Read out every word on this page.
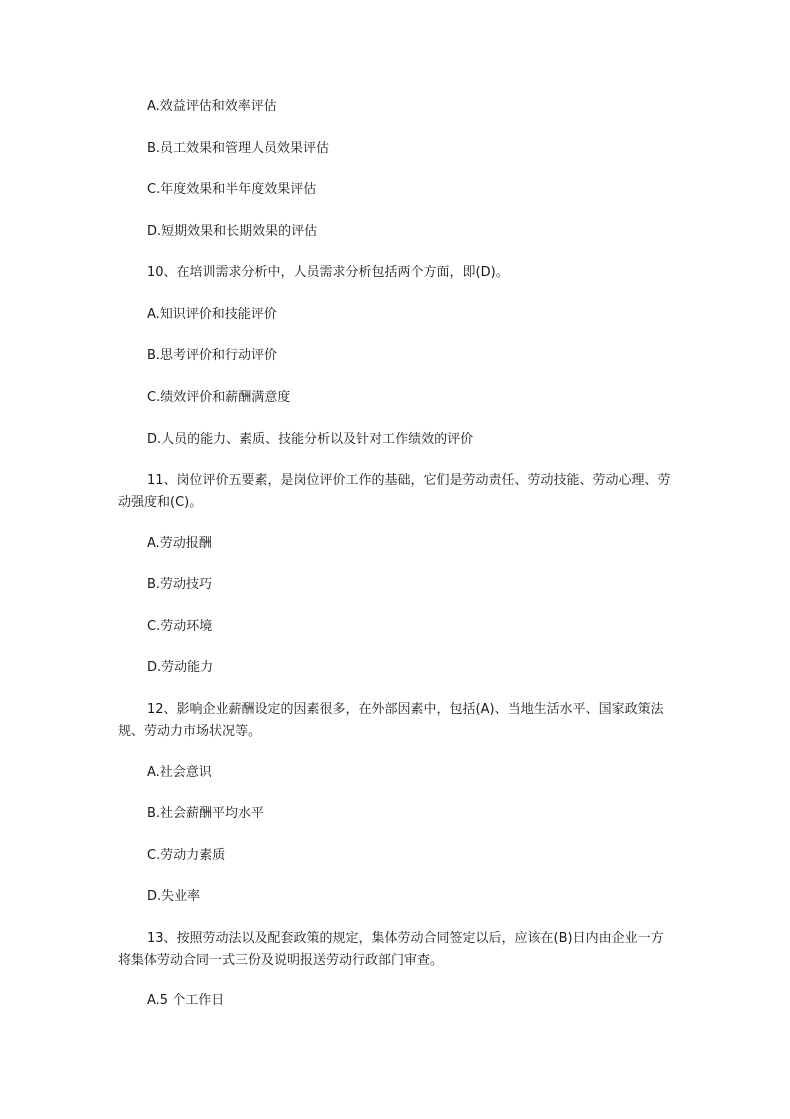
A.效益评估和效率评估
B.员工效果和管理人员效果评估
C.年度效果和半年度效果评估
D.短期效果和长期效果的评估
10、在培训需求分析中，人员需求分析包括两个方面，即(D)。
A.知识评价和技能评价
B.思考评价和行动评价
C.绩效评价和薪酬满意度
D.人员的能力、素质、技能分析以及针对工作绩效的评价
11、岗位评价五要素，是岗位评价工作的基础，它们是劳动责任、劳动技能、劳动心理、劳动强度和(C)。
A.劳动报酬
B.劳动技巧
C.劳动环境
D.劳动能力
12、影响企业薪酬设定的因素很多，在外部因素中，包括(A)、当地生活水平、国家政策法规、劳动力市场状况等。
A.社会意识
B.社会薪酬平均水平
C.劳动力素质
D.失业率
13、按照劳动法以及配套政策的规定，集体劳动合同签定以后，应该在(B)日内由企业一方将集体劳动合同一式三份及说明报送劳动行政部门审查。
A.5 个工作日
